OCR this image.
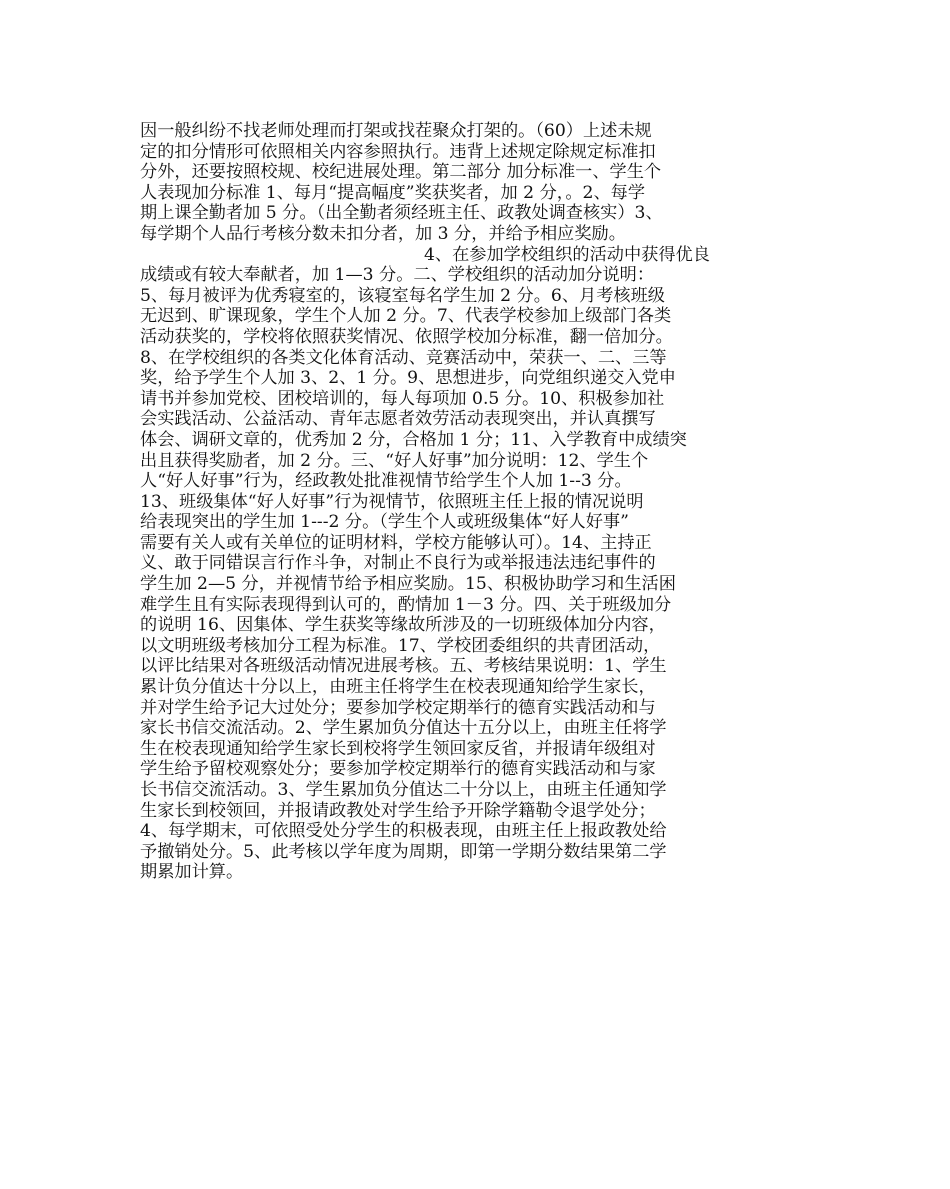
因一般纠纷不找老师处理而打架或找茬聚众打架的。（60）上述未规
定的扣分情形可依照相关内容参照执行。违背上述规定除规定标准扣
分外，还要按照校规、校纪进展处理。第二部分 加分标准一、学生个
人表现加分标准 1、每月“提高幅度”奖获奖者，加 2 分，。2、每学
期上课全勤者加 5 分。（出全勤者须经班主任、政教处调查核实）3、
每学期个人品行考核分数未扣分者，加 3 分，并给予相应奖励。
4、在参加学校组织的活动中获得优良
成绩或有较大奉献者，加 1—3 分。二、学校组织的活动加分说明：
5、每月被评为优秀寝室的，该寝室每名学生加 2 分。6、月考核班级
无迟到、旷课现象，学生个人加 2 分。7、代表学校参加上级部门各类
活动获奖的，学校将依照获奖情况、依照学校加分标准，翻一倍加分。
8、在学校组织的各类文化体育活动、竞赛活动中，荣获一、二、三等
奖，给予学生个人加 3、2、1 分。9、思想进步，向党组织递交入党申
请书并参加党校、团校培训的，每人每项加 0.5 分。10、积极参加社
会实践活动、公益活动、青年志愿者效劳活动表现突出，并认真撰写
体会、调研文章的，优秀加 2 分，合格加 1 分；11、入学教育中成绩突
出且获得奖励者，加 2 分。三、“好人好事”加分说明：12、学生个
人“好人好事”行为，经政教处批准视情节给学生个人加 1--3 分。
13、班级集体“好人好事”行为视情节，依照班主任上报的情况说明
给表现突出的学生加 1---2 分。（学生个人或班级集体“好人好事”
需要有关人或有关单位的证明材料，学校方能够认可）。14、主持正
义、敢于同错误言行作斗争，对制止不良行为或举报违法违纪事件的
学生加 2—5 分，并视情节给予相应奖励。15、积极协助学习和生活困
难学生且有实际表现得到认可的，酌情加 1－3 分。四、关于班级加分
的说明 16、因集体、学生获奖等缘故所涉及的一切班级体加分内容，
以文明班级考核加分工程为标准。17、学校团委组织的共青团活动，
以评比结果对各班级活动情况进展考核。五、考核结果说明：1、学生
累计负分值达十分以上，由班主任将学生在校表现通知给学生家长，
并对学生给予记大过处分；要参加学校定期举行的德育实践活动和与
家长书信交流活动。2、学生累加负分值达十五分以上，由班主任将学
生在校表现通知给学生家长到校将学生领回家反省，并报请年级组对
学生给予留校观察处分；要参加学校定期举行的德育实践活动和与家
长书信交流活动。3、学生累加负分值达二十分以上，由班主任通知学
生家长到校领回，并报请政教处对学生给予开除学籍勒令退学处分；
4、每学期末，可依照受处分学生的积极表现，由班主任上报政教处给
予撤销处分。5、此考核以学年度为周期，即第一学期分数结果第二学
期累加计算。
